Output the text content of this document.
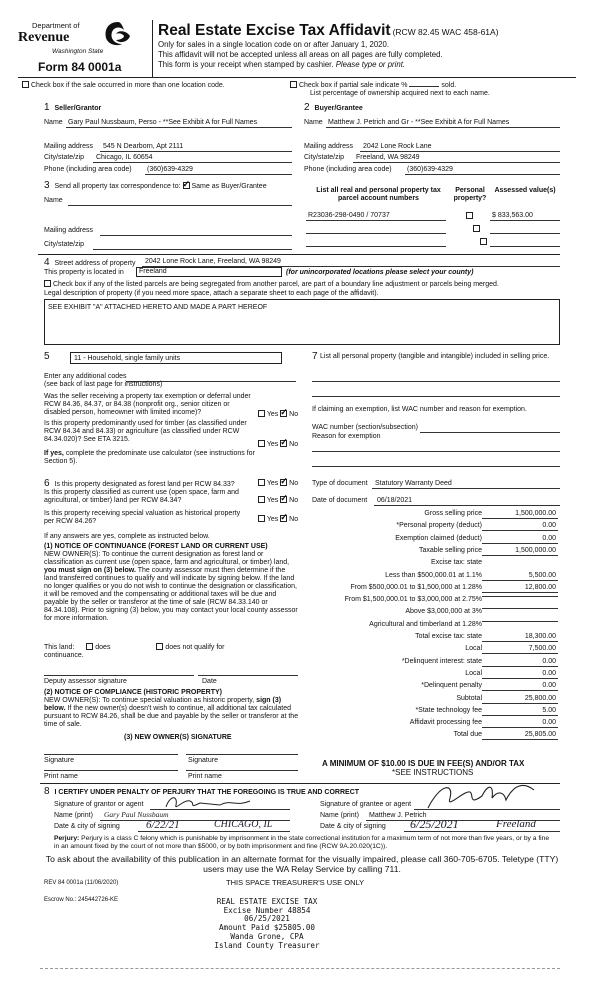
Department of
Revenue
Washington State
Form 84 0001a
Real Estate Excise Tax Affidavit (RCW 82.45 WAC 458-61A)
Only for sales in a single location code on or after January 1, 2020.
This affidavit will not be accepted unless all areas on all pages are fully completed.
This form is your receipt when stamped by cashier. Please type or print.
Check box if the sale occurred in more than one location code.	Check box if partial sale indicate %	sold.
List percentage of ownership acquired next to each name.
1 Seller/Grantor
Name Gary Paul Nussbaum, Perso - **See Exhibit A for Full Names
Mailing address 545 N Dearborn, Apt 2111
City/state/zip Chicago, IL 60654
Phone (including area code) (360)639-4329
2 Buyer/Grantee
Name Matthew J. Petrich and Gr - **See Exhibit A for Full Names
Mailing address 2042 Lone Rock Lane
City/state/zip Freeland, WA 98249
Phone (including area code) (360)639-4329
3 Send all property tax correspondence to: ✓ Same as Buyer/Grantee
Name
Mailing address
City/state/zip
List all real and personal property tax parcel account numbers
Personal property?
Assessed value(s)
R23036-298-0490 / 70737	$ 833,563.00
4 Street address of property 2042 Lone Rock Lane, Freeland, WA 98249
This property is located in	Freeland	(for unincorporated locations please select your county)
Check box if any of the listed parcels are being segregated from another parcel, are part of a boundary line adjustment or parcels being merged.
Legal description of property (if you need more space, attach a separate sheet to each page of the affidavit).
SEE EXHIBIT "A" ATTACHED HERETO AND MADE A PART HEREOF
5	11 - Household, single family units
Enter any additional codes
(see back of last page for instructions)
Was the seller receiving a property tax exemption or deferral under RCW 84.36, 84.37, or 84.38 (nonprofit org., senior citizen or disabled person, homeowner with limited income)?	Yes ✓ No
Is this property predominantly used for timber (as classified under RCW 84.34 and 84.33) or agriculture (as classified under RCW 84.34.020)? See ETA 3215.
Yes ✓ No
If yes, complete the predominate use calculator (see instructions for Section 5).
7 List all personal property (tangible and intangible) included in selling price.
If claiming an exemption, list WAC number and reason for exemption.
WAC number (section/subsection)
Reason for exemption
Type of document Statutory Warranty Deed
Date of document 06/18/2021
Gross selling price	1,500,000.00
*Personal property (deduct)	0.00
Exemption claimed (deduct)	0.00
Taxable selling price	1,500,000.00
Excise tax: state
Less than $500,000.01 at 1.1%	5,500.00
From $500,000.01 to $1,500,000 at 1.28%	12,800.00
From $1,500,000.01 to $3,000,000 at 2.75%
Above $3,000,000 at 3%
Agricultural and timberland at 1.28%
Total excise tax: state	18,300.00
Local	7,500.00
*Delinquent interest: state	0.00
Local	0.00
*Delinquent penalty	0.00
Subtotal	25,800.00
*State technology fee	5.00
Affidavit processing fee	0.00
Total due	25,805.00
A MINIMUM OF $10.00 IS DUE IN FEE(S) AND/OR TAX
*SEE INSTRUCTIONS
6 Is this property designated as forest land per RCW 84.33?	Yes ✓ No
Is this property classified as current use (open space, farm and agricultural, or timber) land per RCW 84.34?	Yes ✓ No
Is this property receiving special valuation as historical property per RCW 84.26?	Yes ✓ No
If any answers are yes, complete as instructed below.
(1) NOTICE OF CONTINUANCE (FOREST LAND OR CURRENT USE)
NEW OWNER(S): To continue the current designation as forest land or classification as current use (open space, farm and agricultural, or timber) land, you must sign on (3) below. The county assessor must then determine if the land transferred continues to qualify and will indicate by signing below. If the land no longer qualifies or you do not wish to continue the designation or classification, it will be removed and the compensating or additional taxes will be due and payable by the seller or transferor at the time of sale (RCW 84.33.140 or 84.34.108). Prior to signing (3) below, you may contact your local county assessor for more information.
This land:	does	does not qualify for
continuance.
Deputy assessor signature	Date
(2) NOTICE OF COMPLIANCE (HISTORIC PROPERTY)
NEW OWNER(S): To continue special valuation as historic property, sign (3) below. If the new owner(s) doesn't wish to continue, all additional tax calculated pursuant to RCW 84.26, shall be due and payable by the seller or transferor at the time of sale.
(3) NEW OWNER(S) SIGNATURE
Signature	Signature
Print name	Print name
8 I CERTIFY UNDER PENALTY OF PERJURY THAT THE FOREGOING IS TRUE AND CORRECT
Signature of grantor or agent
Name (print) Gary Paul Nussbaum
Date & city of signing 6/22/21	CHICAGO, IL
Signature of grantee or agent
Name (print) Matthew J. Petrich
Date & city of signing 6/25/2021	Freeland
Perjury: Perjury is a class C felony which is punishable by imprisonment in the state correctional institution for a maximum term of not more than five years, or by a fine in an amount fixed by the court of not more than $5000, or by both imprisonment and fine (RCW 9A.20.020(1C)).
To ask about the availability of this publication in an alternate format for the visually impaired, please call 360-705-6705. Teletype (TTY) users may use the WA Relay Service by calling 711.
REV 84 0001a (11/06/2020)	THIS SPACE TREASURER'S USE ONLY
Escrow No.: 245442726-KE	REAL ESTATE EXCISE TAX
Excise Number 48854
06/25/2021
Amount Paid $25805.00
Wanda Grone, CPA
Island County Treasurer
